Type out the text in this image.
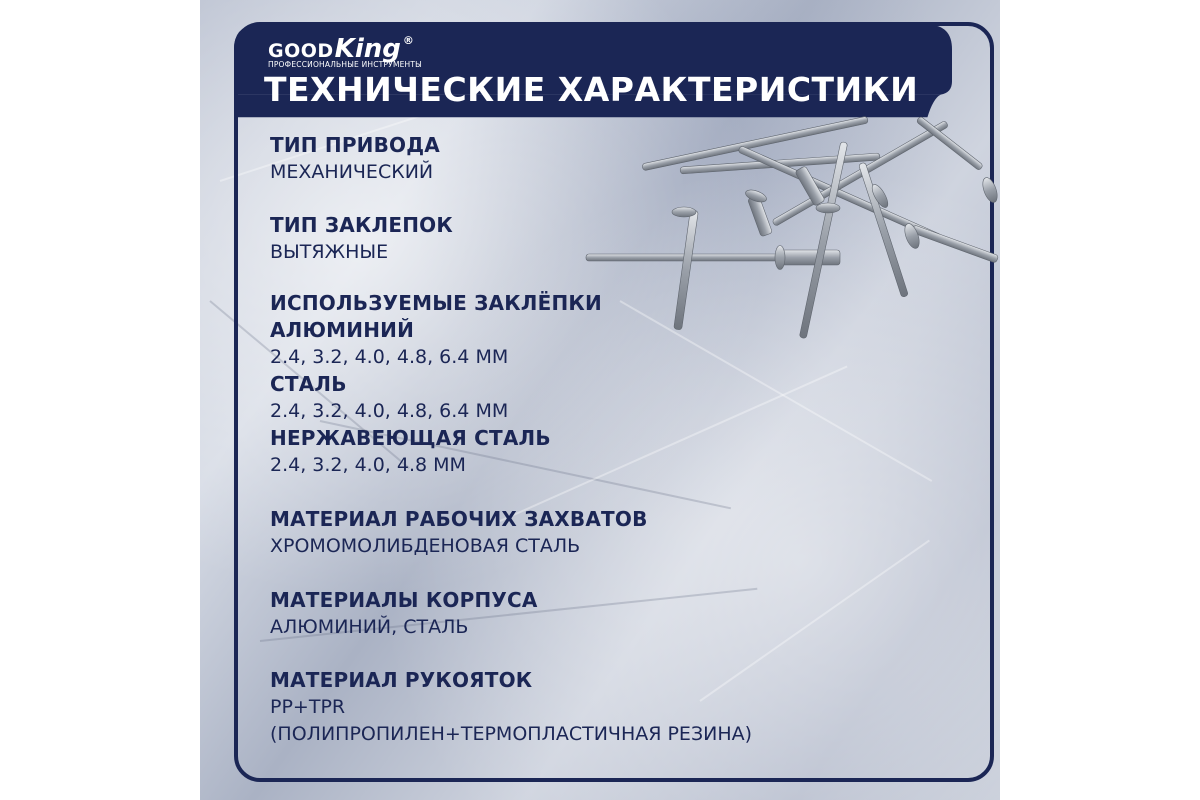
GOOD King ®
ПРОФЕССИОНАЛЬНЫЕ ИНСТРУМЕНТЫ
ТЕХНИЧЕСКИЕ ХАРАКТЕРИСТИКИ
ТИП ПРИВОДА
МЕХАНИЧЕСКИЙ
ТИП ЗАКЛЕПОК
ВЫТЯЖНЫЕ
ИСПОЛЬЗУЕМЫЕ ЗАКЛЁПКИ
АЛЮМИНИЙ
2.4, 3.2, 4.0, 4.8, 6.4 ММ
СТАЛЬ
2.4, 3.2, 4.0, 4.8, 6.4 ММ
НЕРЖАВЕЮЩАЯ СТАЛЬ
2.4, 3.2, 4.0, 4.8 ММ
МАТЕРИАЛ РАБОЧИХ ЗАХВАТОВ
ХРОМОМОЛИБДЕНОВАЯ СТАЛЬ
МАТЕРИАЛЫ КОРПУСА
АЛЮМИНИЙ, СТАЛЬ
МАТЕРИАЛ РУКОЯТОК
PP+TPR
(ПОЛИПРОПИЛЕН+ТЕРМОПЛАСТИЧНАЯ РЕЗИНА)
